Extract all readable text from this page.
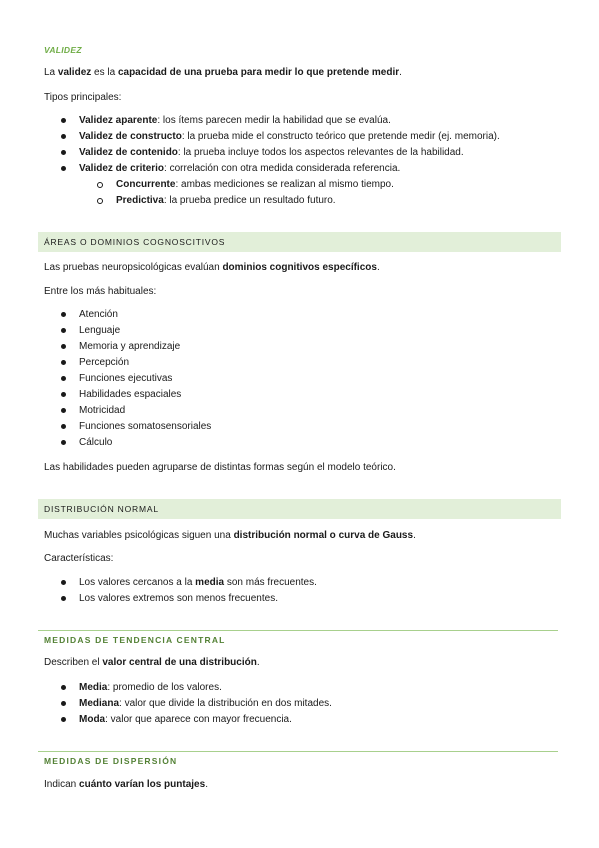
VALIDEZ
La validez es la capacidad de una prueba para medir lo que pretende medir.
Tipos principales:
Validez aparente: los ítems parecen medir la habilidad que se evalúa.
Validez de constructo: la prueba mide el constructo teórico que pretende medir (ej. memoria).
Validez de contenido: la prueba incluye todos los aspectos relevantes de la habilidad.
Validez de criterio: correlación con otra medida considerada referencia.
Concurrente: ambas mediciones se realizan al mismo tiempo.
Predictiva: la prueba predice un resultado futuro.
ÁREAS O DOMINIOS COGNOSCITIVOS
Las pruebas neuropsicológicas evalúan dominios cognitivos específicos.
Entre los más habituales:
Atención
Lenguaje
Memoria y aprendizaje
Percepción
Funciones ejecutivas
Habilidades espaciales
Motricidad
Funciones somatosensoriales
Cálculo
Las habilidades pueden agruparse de distintas formas según el modelo teórico.
DISTRIBUCIÓN NORMAL
Muchas variables psicológicas siguen una distribución normal o curva de Gauss.
Características:
Los valores cercanos a la media son más frecuentes.
Los valores extremos son menos frecuentes.
MEDIDAS DE TENDENCIA CENTRAL
Describen el valor central de una distribución.
Media: promedio de los valores.
Mediana: valor que divide la distribución en dos mitades.
Moda: valor que aparece con mayor frecuencia.
MEDIDAS DE DISPERSIÓN
Indican cuánto varían los puntajes.
